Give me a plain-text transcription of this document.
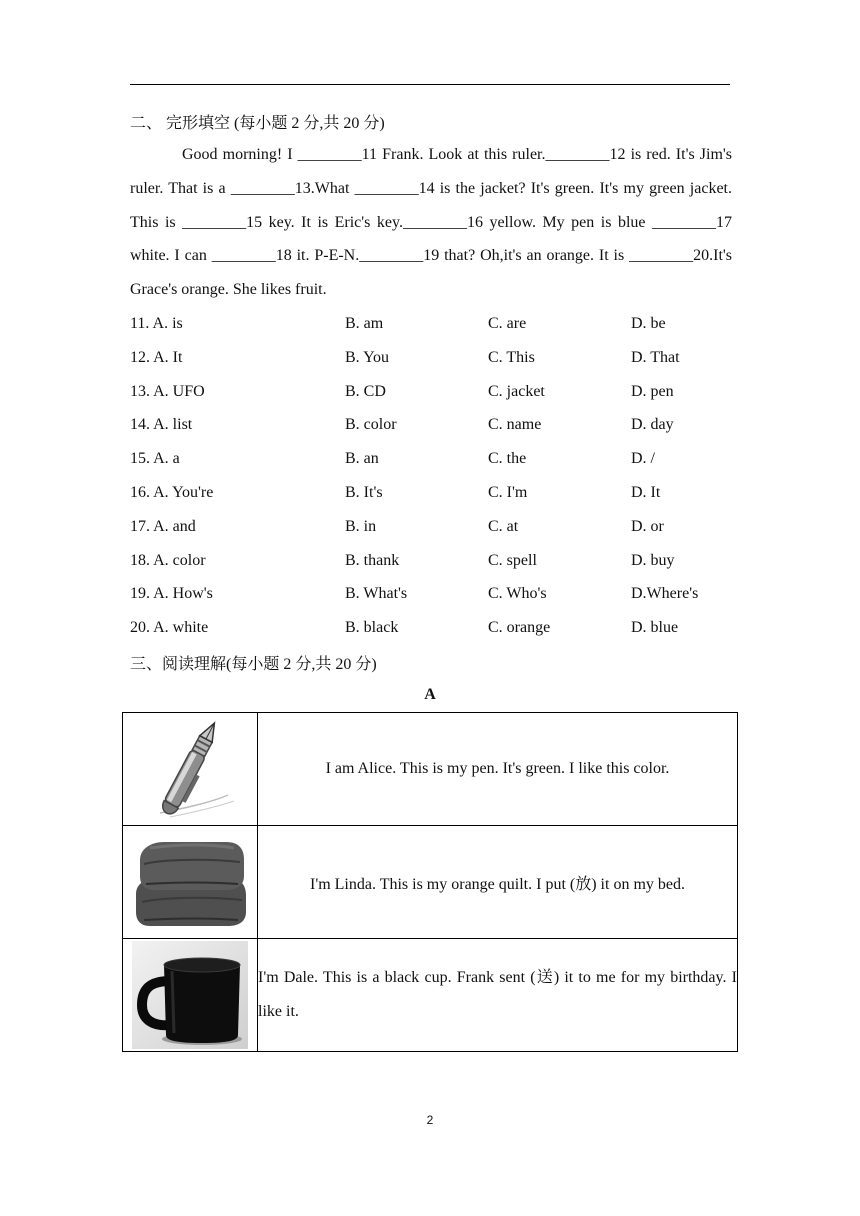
二、 完形填空 (每小题 2 分,共 20 分)

Good morning! I ________11 Frank. Look at this ruler.________12 is red. It's Jim's ruler. That is a ________13.What ________14 is the jacket? It's green. It's my green jacket. This is ________15 key. It is Eric's key.________16 yellow. My pen is blue ________17 white. I can ________18 it. P-E-N.________19 that? Oh,it's an orange. It is ________20.It's Grace's orange. She likes fruit.

11. A. is	B. am	C. are	D. be
12. A. It	B. You	C. This	D. That
13. A. UFO	B. CD	C. jacket	D. pen
14. A. list	B. color	C. name	D. day
15. A. a	B. an	C. the	D. /
16. A. You're	B. It's	C. I'm	D. It
17. A. and	B. in	C. at	D. or
18. A. color	B. thank	C. spell	D. buy
19. A. How's	B. What's	C. Who's	D.Where's
20. A. white	B. black	C. orange	D. blue
三、阅读理解(每小题 2 分,共 20 分)
A
	I am Alice. This is my pen. It's green. I like this color.

	I'm Linda. This is my orange quilt. I put (放) it on my bed.

	I'm Dale. This is a black cup. Frank sent (送) it to me for my birthday. I like it.
2
